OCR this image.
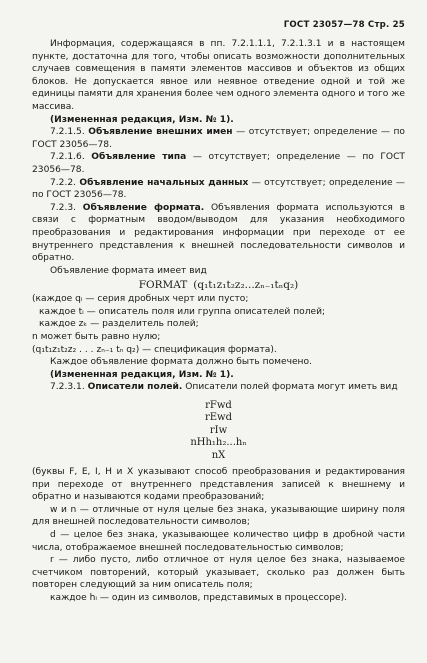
ГОСТ 23057—78 Стр. 25

Информация, содержащаяся в пп. 7.2.1.1.1, 7.2.1.3.1 и в настоящем пункте, достаточна для того, чтобы описать возможности дополнительных случаев совмещения в памяти элементов массивов и объектов из общих блоков. Не допускается явное или неявное отведение одной и той же единицы памяти для хранения более чем одного элемента одного и того же массива.

(Измененная редакция, Изм. № 1).

7.2.1.5. Объявление внешних имен — отсутствует; определение — по ГОСТ 23056—78.

7.2.1.6. Объявление типа — отсутствует; определение — по ГОСТ 23056—78.

7.2.2. Объявление начальных данных — отсутствует; определение — по ГОСТ 23056—78.

7.2.3. Объявление формата. Объявления формата используются в связи с форматным вводом/выводом для указания необходимого преобразования и редактирования информации при переходе от ее внутреннего представления к внешней последовательности символов и обратно.

Объявление формата имеет вид

FORMAT (q₁t₁z₁t₂z₂...zₙ₋₁tₙq₂)

(каждое qᵢ — серия дробных черт или пусто;

каждое tᵢ — описатель поля или группа описателей полей;

каждое zₖ — разделитель полей;

n может быть равно нулю;

(q₁t₁z₁t₂z₂ . . . zₙ₋₁ tₙ q₂) — спецификация формата).

Каждое объявление формата должно быть помечено.

(Измененная редакция, Изм. № 1).

7.2.3.1. Описатели полей. Описатели полей формата могут иметь вид

rFwd
rEwd
rIw
nHh₁h₂...hₙ
nX

(буквы F, E, I, H и X указывают способ преобразования и редактирования при переходе от внутреннего представления записей к внешнему и обратно и называются кодами преобразований;

w и n — отличные от нуля целые без знака, указывающие ширину поля для внешней последовательности символов;

d — целое без знака, указывающее количество цифр в дробной части числа, отображаемое внешней последовательностью символов;

r — либо пусто, либо отличное от нуля целое без знака, называемое счетчиком повторений, который указывает, сколько раз должен быть повторен следующий за ним описатель поля;

каждое hᵢ — один из символов, представимых в процессоре).
